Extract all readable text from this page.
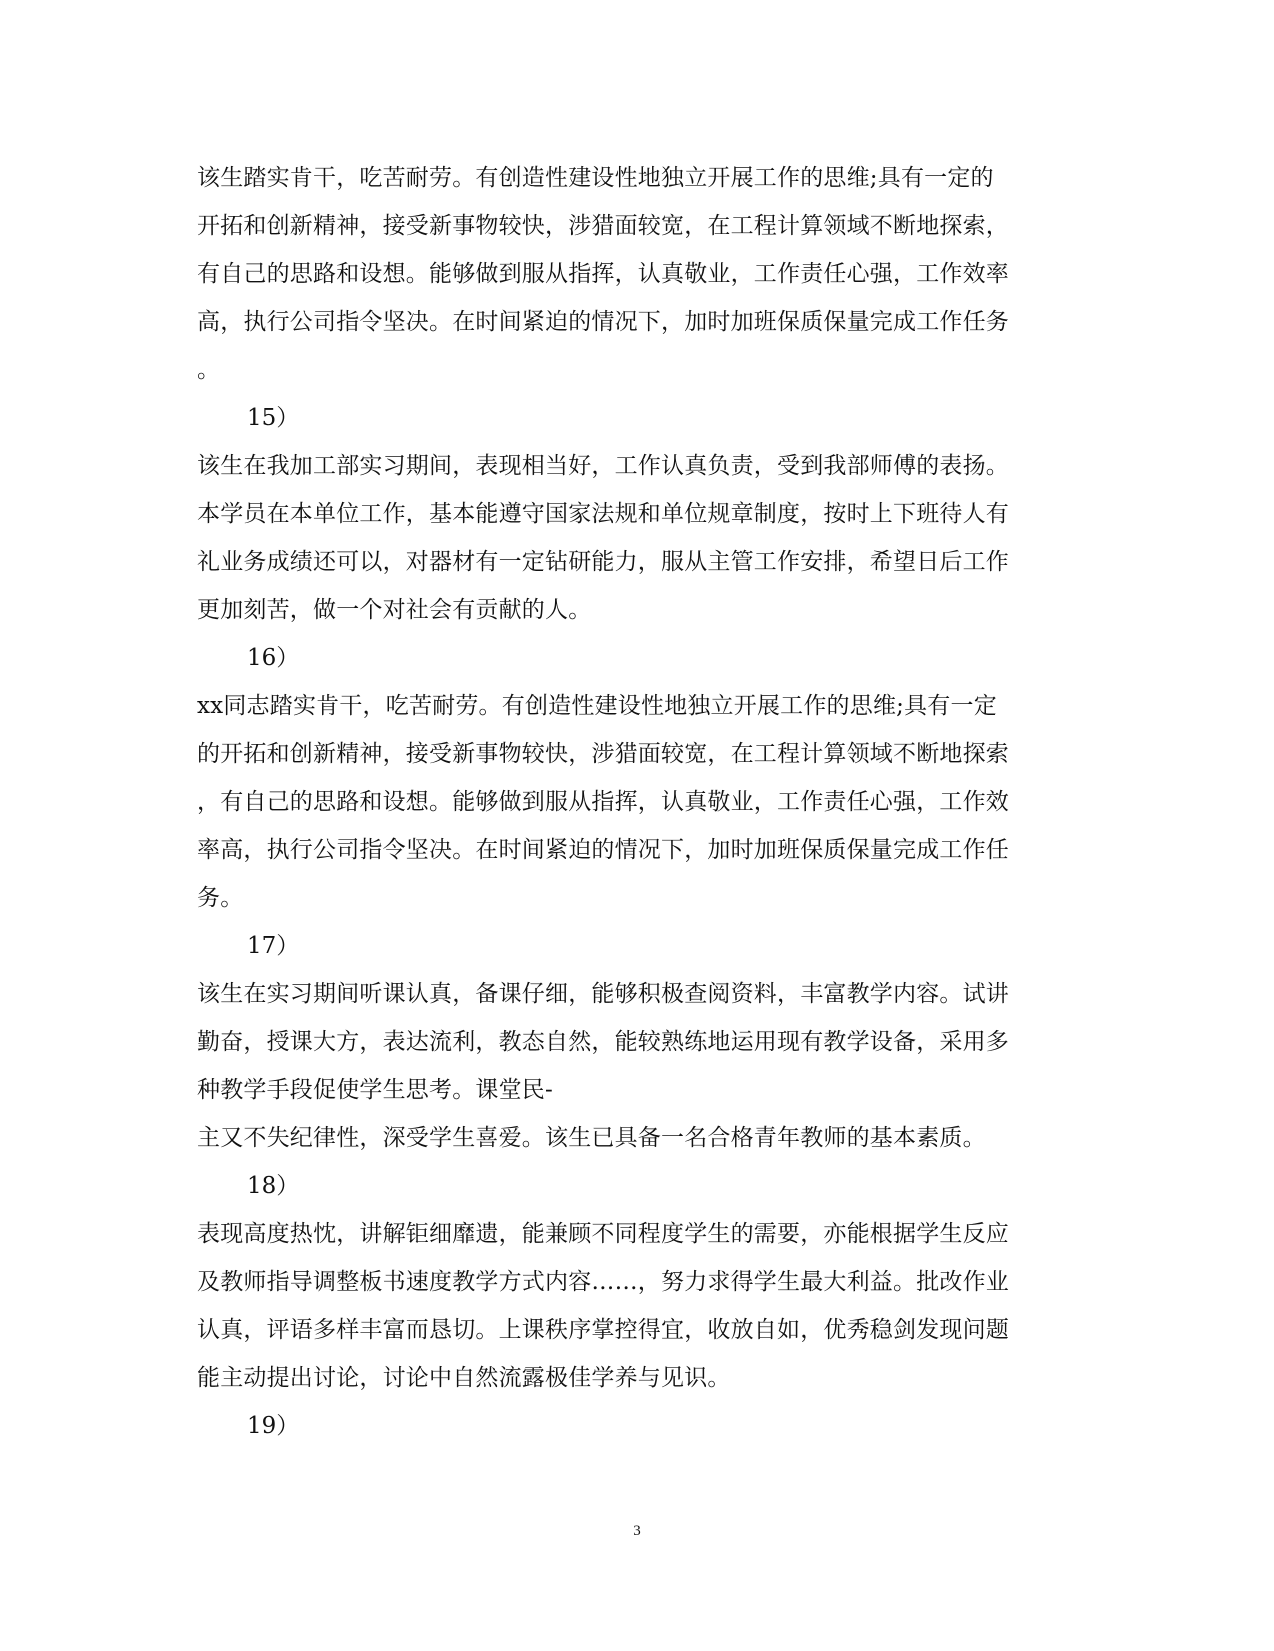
该生踏实肯干，吃苦耐劳。有创造性建设性地独立开展工作的思维;具有一定的
开拓和创新精神，接受新事物较快，涉猎面较宽，在工程计算领域不断地探索，
有自己的思路和设想。能够做到服从指挥，认真敬业，工作责任心强，工作效率
高，执行公司指令坚决。在时间紧迫的情况下，加时加班保质保量完成工作任务
。
15）
该生在我加工部实习期间，表现相当好，工作认真负责，受到我部师傅的表扬。
本学员在本单位工作，基本能遵守国家法规和单位规章制度，按时上下班待人有
礼业务成绩还可以，对器材有一定钻研能力，服从主管工作安排，希望日后工作
更加刻苦，做一个对社会有贡献的人。
16）
xx同志踏实肯干，吃苦耐劳。有创造性建设性地独立开展工作的思维;具有一定
的开拓和创新精神，接受新事物较快，涉猎面较宽，在工程计算领域不断地探索
，有自己的思路和设想。能够做到服从指挥，认真敬业，工作责任心强，工作效
率高，执行公司指令坚决。在时间紧迫的情况下，加时加班保质保量完成工作任
务。
17）
该生在实习期间听课认真，备课仔细，能够积极查阅资料，丰富教学内容。试讲
勤奋，授课大方，表达流利，教态自然，能较熟练地运用现有教学设备，采用多
种教学手段促使学生思考。课堂民-
主又不失纪律性，深受学生喜爱。该生已具备一名合格青年教师的基本素质。
18）
表现高度热忱，讲解钜细靡遗，能兼顾不同程度学生的需要，亦能根据学生反应
及教师指导调整板书速度教学方式内容……，努力求得学生最大利益。批改作业
认真，评语多样丰富而恳切。上课秩序掌控得宜，收放自如，优秀稳剑发现问题
能主动提出讨论，讨论中自然流露极佳学养与见识。
19）
3
